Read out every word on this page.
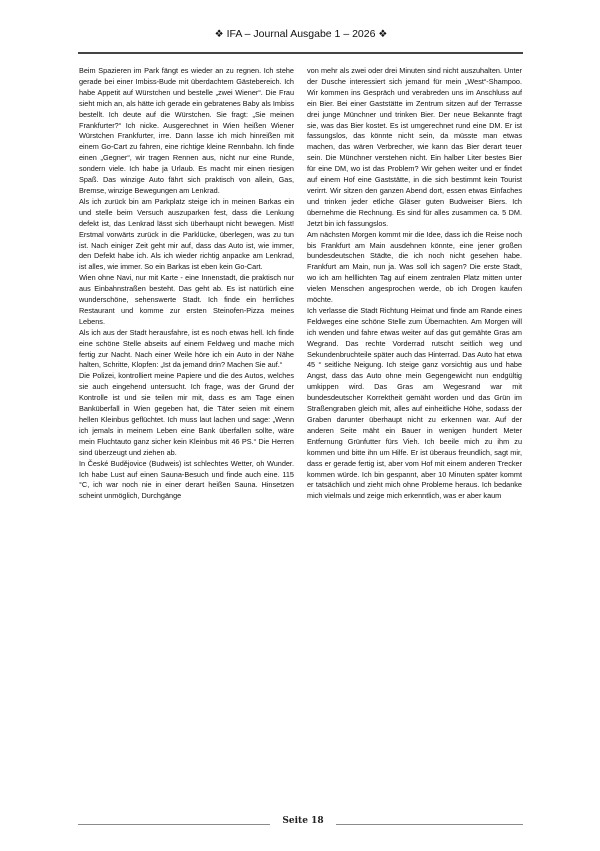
❖ IFA – Journal Ausgabe 1 – 2026 ❖

Beim Spazieren im Park fängt es wieder an zu regnen. Ich stehe gerade bei einer Imbiss-Bude mit überdachtem Gästebereich. Ich habe Appetit auf Würstchen und bestelle „zwei Wiener“. Die Frau sieht mich an, als hätte ich gerade ein gebratenes Baby als Imbiss bestellt. Ich deute auf die Würstchen. Sie fragt: „Sie meinen Frankfurter?“ Ich nicke. Ausgerechnet in Wien heißen Wiener Würstchen Frankfurter, irre. Dann lasse ich mich hinreißen mit einem Go-Cart zu fahren, eine richtige kleine Rennbahn. Ich finde einen „Gegner“, wir tragen Rennen aus, nicht nur eine Runde, sondern viele. Ich habe ja Urlaub. Es macht mir einen riesigen Spaß. Das winzige Auto fährt sich praktisch von allein, Gas, Bremse, winzige Bewegungen am Lenkrad.

Als ich zurück bin am Parkplatz steige ich in meinen Barkas ein und stelle beim Versuch auszuparken fest, dass die Lenkung defekt ist, das Lenkrad lässt sich überhaupt nicht bewegen. Mist! Erstmal vorwärts zurück in die Parklücke, überlegen, was zu tun ist. Nach einiger Zeit geht mir auf, dass das Auto ist, wie immer, den Defekt habe ich. Als ich wieder richtig anpacke am Lenkrad, ist alles, wie immer. So ein Barkas ist eben kein Go-Cart.

Wien ohne Navi, nur mit Karte - eine Innenstadt, die praktisch nur aus Einbahnstraßen besteht. Das geht ab. Es ist natürlich eine wunderschöne, sehenswerte Stadt. Ich finde ein herrliches Restaurant und komme zur ersten Steinofen-Pizza meines Lebens.

Als ich aus der Stadt herausfahre, ist es noch etwas hell. Ich finde eine schöne Stelle abseits auf einem Feldweg und mache mich fertig zur Nacht. Nach einer Weile höre ich ein Auto in der Nähe halten, Schritte, Klopfen: „Ist da jemand drin? Machen Sie auf.“

Die Polizei, kontrolliert meine Papiere und die des Autos, welches sie auch eingehend untersucht. Ich frage, was der Grund der Kontrolle ist und sie teilen mir mit, dass es am Tage einen Banküberfall in Wien gegeben hat, die Täter seien mit einem hellen Kleinbus geflüchtet. Ich muss laut lachen und sage: „Wenn ich jemals in meinem Leben eine Bank überfallen sollte, wäre mein Fluchtauto ganz sicher kein Kleinbus mit 46 PS.“ Die Herren sind überzeugt und ziehen ab.

In České Budějovice (Budweis) ist schlechtes Wetter, oh Wunder. Ich habe Lust auf einen Sauna-Besuch und finde auch eine. 115 °C, ich war noch nie in einer derart heißen Sauna. Hinsetzen scheint unmöglich, Durchgänge

von mehr als zwei oder drei Minuten sind nicht auszuhalten. Unter der Dusche interessiert sich jemand für mein „West“-Shampoo. Wir kommen ins Gespräch und verabreden uns im Anschluss auf ein Bier. Bei einer Gaststätte im Zentrum sitzen auf der Terrasse drei junge Münchner und trinken Bier. Der neue Bekannte fragt sie, was das Bier kostet. Es ist umgerechnet rund eine DM. Er ist fassungslos, das könnte nicht sein, da müsste man etwas machen, das wären Verbrecher, wie kann das Bier derart teuer sein. Die Münchner verstehen nicht. Ein halber Liter bestes Bier für eine DM, wo ist das Problem? Wir gehen weiter und er findet auf einem Hof eine Gaststätte, in die sich bestimmt kein Tourist verirrt. Wir sitzen den ganzen Abend dort, essen etwas Einfaches und trinken jeder etliche Gläser guten Budweiser Biers. Ich übernehme die Rechnung. Es sind für alles zusammen ca. 5 DM. Jetzt bin ich fassungslos.

Am nächsten Morgen kommt mir die Idee, dass ich die Reise noch bis Frankfurt am Main ausdehnen könnte, eine jener großen bundesdeutschen Städte, die ich noch nicht gesehen habe. Frankfurt am Main, nun ja. Was soll ich sagen? Die erste Stadt, wo ich am helllichten Tag auf einem zentralen Platz mitten unter vielen Menschen angesprochen werde, ob ich Drogen kaufen möchte.

Ich verlasse die Stadt Richtung Heimat und finde am Rande eines Feldweges eine schöne Stelle zum Übernachten. Am Morgen will ich wenden und fahre etwas weiter auf das gut gemähte Gras am Wegrand. Das rechte Vorderrad rutscht seitlich weg und Sekundenbruchteile später auch das Hinterrad. Das Auto hat etwa 45 ° seitliche Neigung. Ich steige ganz vorsichtig aus und habe Angst, dass das Auto ohne mein Gegengewicht nun endgültig umkippen wird. Das Gras am Wegesrand war mit bundesdeutscher Korrektheit gemäht worden und das Grün im Straßengraben gleich mit, alles auf einheitliche Höhe, sodass der Graben darunter überhaupt nicht zu erkennen war. Auf der anderen Seite mäht ein Bauer in wenigen hundert Meter Entfernung Grünfutter fürs Vieh. Ich beeile mich zu ihm zu kommen und bitte ihn um Hilfe. Er ist überaus freundlich, sagt mir, dass er gerade fertig ist, aber vom Hof mit einem anderen Trecker kommen würde. Ich bin gespannt, aber 10 Minuten später kommt er tatsächlich und zieht mich ohne Probleme heraus. Ich bedanke mich vielmals und zeige mich erkenntlich, was er aber kaum

Seite 18
